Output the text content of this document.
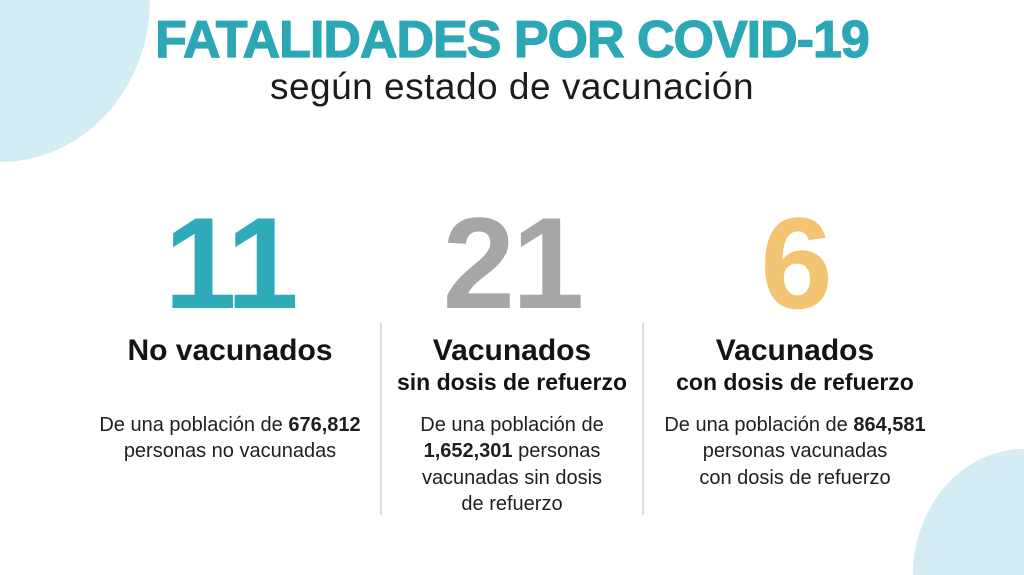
FATALIDADES POR COVID-19
según estado de vacunación
11
No vacunados

De una población de 676,812
personas no vacunadas

21
Vacunados
sin dosis de refuerzo

De una población de
1,652,301 personas
vacunadas sin dosis
de refuerzo

6
Vacunados
con dosis de refuerzo

De una población de 864,581
personas vacunadas
con dosis de refuerzo
